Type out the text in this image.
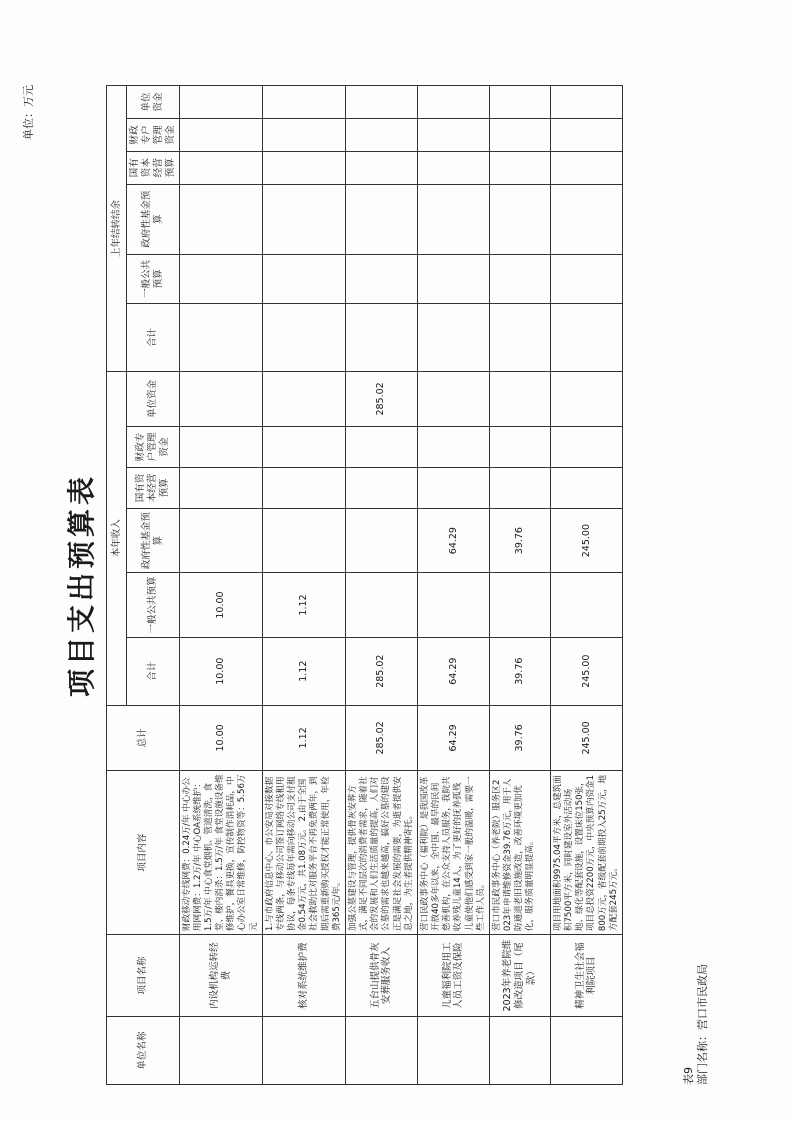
项目支出预算表
单位：万元
单位名称	项目名称	项目内容	总计	本年收入						上年结转结余					
				合计	一般公共预算	政府性基金预算	国有资本经营预算	财政专户管理资金	单位资金	合计	一般公共预算	政府性基金预算	国有资本经营预算	财政专户管理资金	单位资金

	内设机构运转经费	财政移动专线网费：0.24万/年 中心办公用网网费：1.2万/年 中心OA系统维护：1.5万/年 中心食堂烟机、管道清洗，食堂、楼内消杀：1.5万/年 食堂设施设备维修维护，餐具更换，宣传制作消耗品，中心办公室日常维修，防控物资等：5.56万元	10.00	10.00	10.00										
	核对系统维护费	1.与市政府信息中心、市公安局对接数据专线两条，与移动公司签订网络专线租用协议，每条专线每年需向移动公司支付租金0.54万元，共1.08万元。 2.由于全国社会救助比对服务平台不再免费两年，到期后需重新购买授权才能正常使用，年检费365元/年。	1.12	1.12	1.12										
	五台山提供骨灰安葬服务收入	加强公墓建设与管理，提供骨灰安葬方式，满足不同层次的消费者需求，随着社会的发展和人们生活质量的提高，人们对公墓的需求也越来越高，搞好公墓的建设正是满足社会发展的需要，为逝者提供安息之地，为生者提供精神寄托。	285.02	285.02					285.02						
	儿童福利院用工人员工资及保险	营口民政事务中心（福利院）是我国改革开放40多年以来，全中国、最早的民间慈善机构，在公众支持人员服务，我院共收养残儿童14人，为了更好的抚养孤残儿童使他们感受到家一般的温暖，需要一些工作人员。	64.29	64.29		64.29									
	2023年养老院维修改造项目（尾款）	营口市民政事务中心（养老院）服务区2023年申请维修资金39.76万元，用于人防通道老旧设施改造，改善环境更加优化，服务质量明显提高。	39.76	39.76		39.76									
	精神卫生社会福利院项目	项目用地面积9975.04平方米，总建筑面积7500平方米，同时建设室外活动场地、绿化等配套设施，设置床位150张，项目总投资2200万元，中央预算内资金1800万元，省级配套前期投入25万元，地方配套245万元。	245.00	245.00		245.00									
表9 部门名称：营口市民政局
